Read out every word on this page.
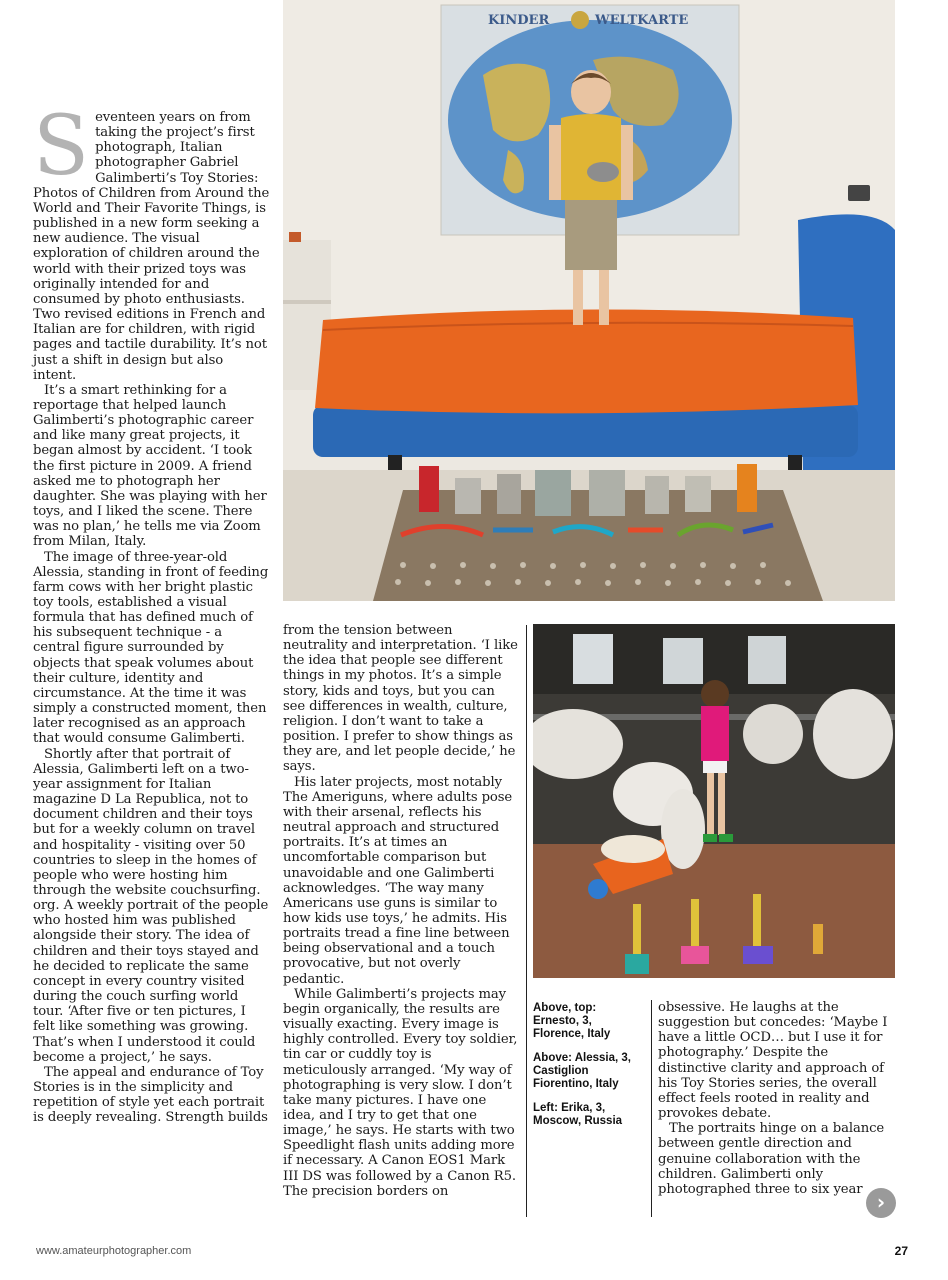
Seventeen years on from taking the project’s first photograph, Italian photographer Gabriel Galimberti’s Toy Stories: Photos of Children from Around the World and Their Favorite Things, is published in a new form seeking a new audience. The visual exploration of children around the world with their prized toys was originally intended for and consumed by photo enthusiasts. Two revised editions in French and Italian are for children, with rigid pages and tactile durability. It’s not just a shift in design but also intent.

It’s a smart rethinking for a reportage that helped launch Galimberti’s photographic career and like many great projects, it began almost by accident. ‘I took the first picture in 2009. A friend asked me to photograph her daughter. She was playing with her toys, and I liked the scene. There was no plan,’ he tells me via Zoom from Milan, Italy.

The image of three-year-old Alessia, standing in front of feeding farm cows with her bright plastic toy tools, established a visual formula that has defined much of his subsequent technique - a central figure surrounded by objects that speak volumes about their culture, identity and circumstance. At the time it was simply a constructed moment, then later recognised as an approach that would consume Galimberti.

Shortly after that portrait of Alessia, Galimberti left on a two-year assignment for Italian magazine D La Republica, not to document children and their toys but for a weekly column on travel and hospitality - visiting over 50 countries to sleep in the homes of people who were hosting him through the website couchsurfing. org. A weekly portrait of the people who hosted him was published alongside their story. The idea of children and their toys stayed and he decided to replicate the same concept in every country visited during the couch surfing world tour. ‘After five or ten pictures, I felt like something was growing. That’s when I understood it could become a project,’ he says.

The appeal and endurance of Toy Stories is in the simplicity and repetition of style yet each portrait is deeply revealing. Strength builds

KINDER	WELTKARTE

from the tension between neutrality and interpretation. ‘I like the idea that people see different things in my photos. It’s a simple story, kids and toys, but you can see differences in wealth, culture, religion. I don’t want to take a position. I prefer to show things as they are, and let people decide,’ he says.

His later projects, most notably The Ameriguns, where adults pose with their arsenal, reflects his neutral approach and structured portraits. It’s at times an uncomfortable comparison but unavoidable and one Galimberti acknowledges. ‘The way many Americans use guns is similar to how kids use toys,’ he admits. His portraits tread a fine line between being observational and a touch provocative, but not overly pedantic.

While Galimberti’s projects may begin organically, the results are visually exacting. Every image is highly controlled. Every toy soldier, tin car or cuddly toy is meticulously arranged. ‘My way of photographing is very slow. I don’t take many pictures. I have one idea, and I try to get that one image,’ he says. He starts with two Speedlight flash units adding more if necessary. A Canon EOS1 Mark III DS was followed by a Canon R5. The precision borders on

Above, top: Ernesto, 3, Florence, Italy
Above: Alessia, 3, Castiglion Fiorentino, Italy
Left: Erika, 3, Moscow, Russia

obsessive. He laughs at the suggestion but concedes: ‘Maybe I have a little OCD… but I use it for photography.’ Despite the distinctive clarity and approach of his Toy Stories series, the overall effect feels rooted in reality and provokes debate.

The portraits hinge on a balance between gentle direction and genuine collaboration with the children. Galimberti only photographed three to six year

›
www.amateurphotographer.com	27
